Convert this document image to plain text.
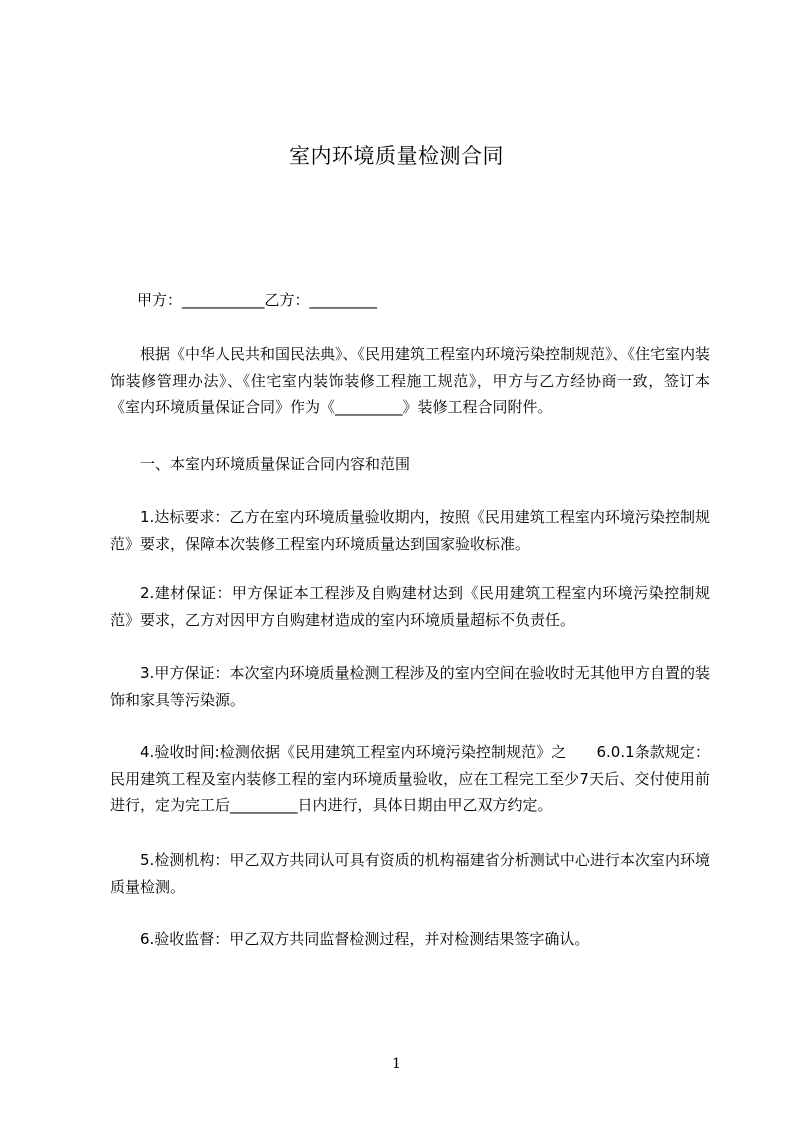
室内环境质量检测合同
甲方：___________乙方：_________
根据《中华人民共和国民法典》、《民用建筑工程室内环境污染控制规范》、《住宅室内装饰装修管理办法》、《住宅室内装饰装修工程施工规范》，甲方与乙方经协商一致，签订本《室内环境质量保证合同》作为《_________》装修工程合同附件。
一、本室内环境质量保证合同内容和范围
1.达标要求：乙方在室内环境质量验收期内，按照《民用建筑工程室内环境污染控制规范》要求，保障本次装修工程室内环境质量达到国家验收标准。
2.建材保证：甲方保证本工程涉及自购建材达到《民用建筑工程室内环境污染控制规范》要求，乙方对因甲方自购建材造成的室内环境质量超标不负责任。
3.甲方保证：本次室内环境质量检测工程涉及的室内空间在验收时无其他甲方自置的装饰和家具等污染源。
4.验收时间:检测依据《民用建筑工程室内环境污染控制规范》之　　6.0.1条款规定：民用建筑工程及室内装修工程的室内环境质量验收，应在工程完工至少7天后、交付使用前进行，定为完工后_________日内进行，具体日期由甲乙双方约定。
5.检测机构：甲乙双方共同认可具有资质的机构福建省分析测试中心进行本次室内环境质量检测。
6.验收监督：甲乙双方共同监督检测过程，并对检测结果签字确认。
1
